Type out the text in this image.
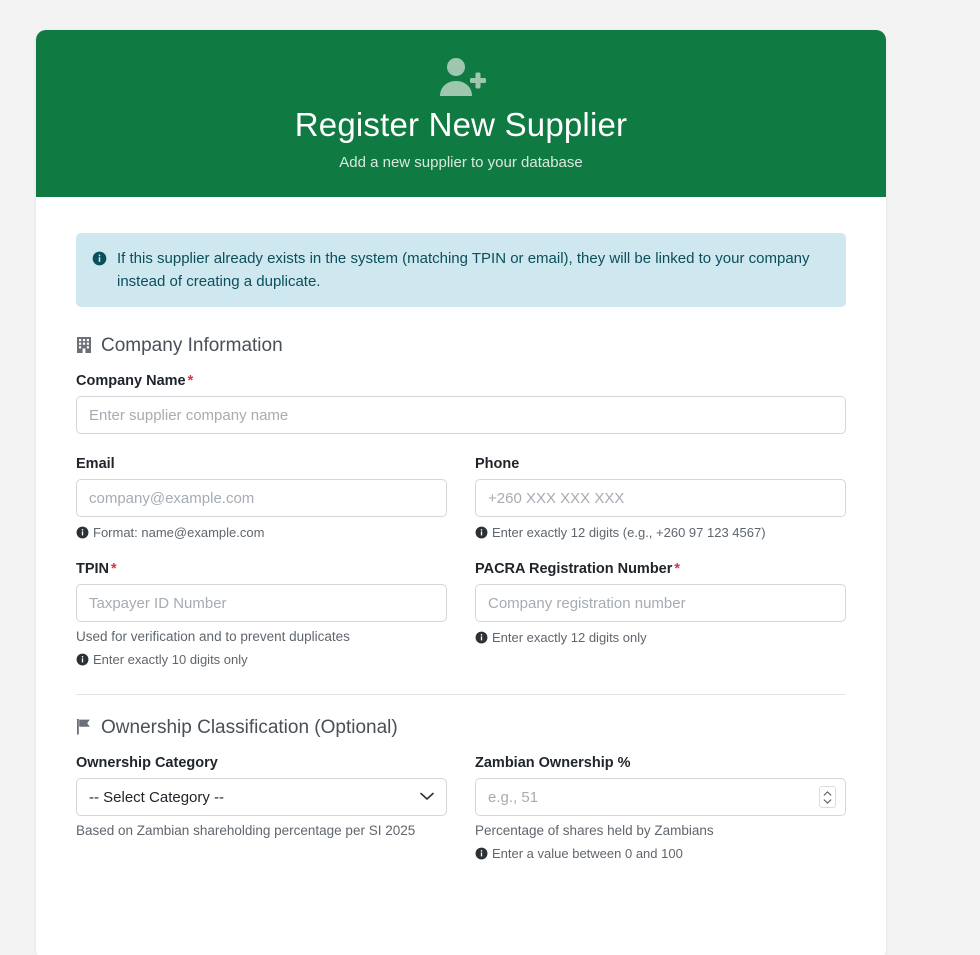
Register New Supplier

Add a new supplier to your database

If this supplier already exists in the system (matching TPIN or email), they will be linked to your company instead of creating a duplicate.
Company Information
Company Name *
Enter supplier company name
Email
company@example.com
Format: name@example.com
Phone
+260 XXX XXX XXX
Enter exactly 12 digits (e.g., +260 97 123 4567)
TPIN *
Taxpayer ID Number
Used for verification and to prevent duplicates
Enter exactly 10 digits only
PACRA Registration Number *
Company registration number
Enter exactly 12 digits only
Ownership Classification (Optional)
Ownership Category
-- Select Category --
Based on Zambian shareholding percentage per SI 2025
Zambian Ownership %
e.g., 51
Percentage of shares held by Zambians
Enter a value between 0 and 100
